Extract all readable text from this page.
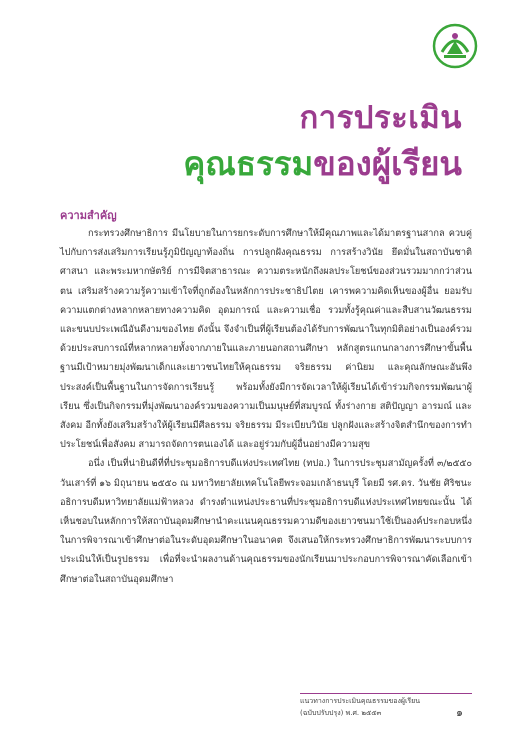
การประเมิน
คุณธรรมของผู้เรียน
ความสำคัญ

กระทรวงศึกษาธิการ มีนโยบายในการยกระดับการศึกษาให้มีคุณภาพและได้มาตรฐานสากล ควบคู่ไปกับการส่งเสริมการเรียนรู้ภูมิปัญญาท้องถิ่น การปลูกฝังคุณธรรม การสร้างวินัย ยึดมั่นในสถาบันชาติ ศาสนา และพระมหากษัตริย์ การมีจิตสาธารณะ ความตระหนักถึงผลประโยชน์ของส่วนรวมมากกว่าส่วนตน เสริมสร้างความรู้ความเข้าใจที่ถูกต้องในหลักการประชาธิปไตย เคารพความคิดเห็นของผู้อื่น ยอมรับความแตกต่างหลากหลายทางความคิด อุดมการณ์ และความเชื่อ รวมทั้งรู้คุณค่าและสืบสานวัฒนธรรมและขนบประเพณีอันดีงามของไทย ดังนั้น จึงจำเป็นที่ผู้เรียนต้องได้รับการพัฒนาในทุกมิติอย่างเป็นองค์รวม ด้วยประสบการณ์ที่หลากหลายทั้งจากภายในและภายนอกสถานศึกษา หลักสูตรแกนกลางการศึกษาขั้นพื้นฐานมีเป้าหมายมุ่งพัฒนาเด็กและเยาวชนไทยให้คุณธรรม จริยธรรม ค่านิยม และคุณลักษณะอันพึงประสงค์เป็นพื้นฐานในการจัดการเรียนรู้ พร้อมทั้งยังมีการจัดเวลาให้ผู้เรียนได้เข้าร่วมกิจกรรมพัฒนาผู้เรียน ซึ่งเป็นกิจกรรมที่มุ่งพัฒนาองค์รวมของความเป็นมนุษย์ที่สมบูรณ์ ทั้งร่างกาย สติปัญญา อารมณ์ และสังคม อีกทั้งยังเสริมสร้างให้ผู้เรียนมีศีลธรรม จริยธรรม มีระเบียบวินัย ปลูกฝังและสร้างจิตสำนึกของการทำประโยชน์เพื่อสังคม สามารถจัดการตนเองได้ และอยู่ร่วมกับผู้อื่นอย่างมีความสุข

อนึ่ง เป็นที่น่ายินดีที่ที่ประชุมอธิการบดีแห่งประเทศไทย (ทปอ.) ในการประชุมสามัญครั้งที่ ๓/๒๕๕๐ วันเสาร์ที่ ๑๖ มิถุนายน ๒๕๕๐ ณ มหาวิทยาลัยเทคโนโลยีพระจอมเกล้าธนบุรี โดยมี รศ.ดร. วันชัย ศิริชนะ อธิการบดีมหาวิทยาลัยแม่ฟ้าหลวง ดำรงตำแหน่งประธานที่ประชุมอธิการบดีแห่งประเทศไทยขณะนั้น ได้เห็นชอบในหลักการให้สถาบันอุดมศึกษานำคะแนนคุณธรรมความดีของเยาวชนมาใช้เป็นองค์ประกอบหนึ่งในการพิจารณาเข้าศึกษาต่อในระดับอุดมศึกษาในอนาคต จึงเสนอให้กระทรวงศึกษาธิการพัฒนาระบบการประเมินให้เป็นรูปธรรม เพื่อที่จะนำผลงานด้านคุณธรรมของนักเรียนมาประกอบการพิจารณาคัดเลือกเข้าศึกษาต่อในสถาบันอุดมศึกษา

แนวทางการประเมินคุณธรรมของผู้เรียน
(ฉบับปรับปรุง) พ.ศ. ๒๕๕๓	๑
